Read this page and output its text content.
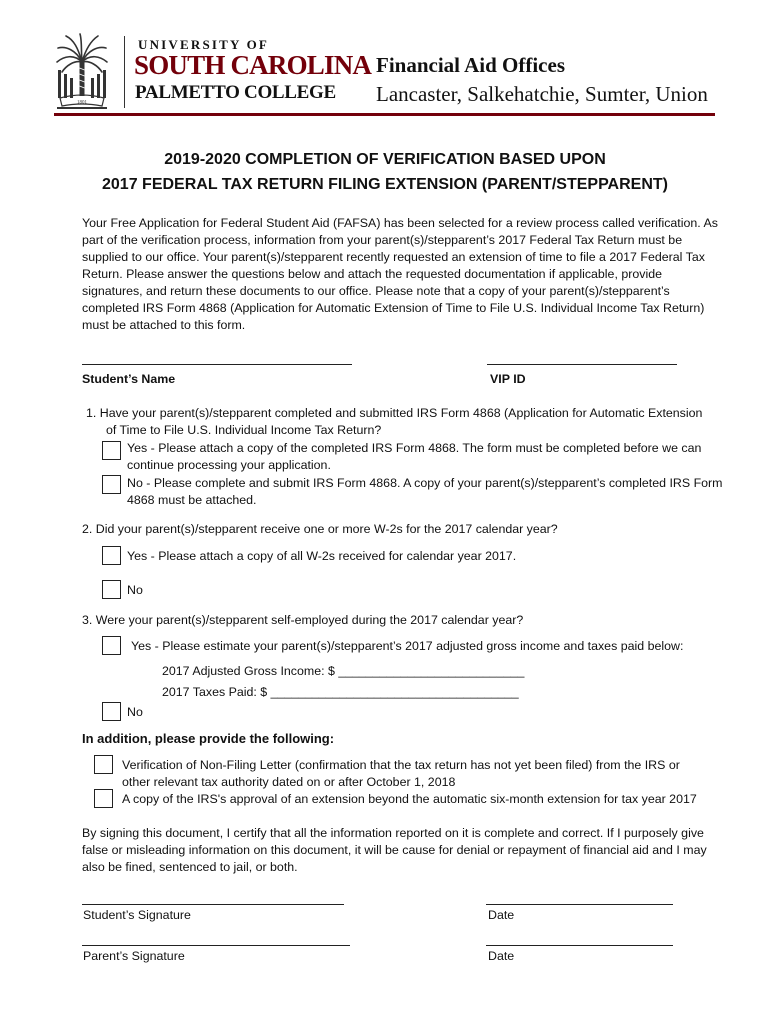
1801
UNIVERSITY OF
SOUTH CAROLINA
PALMETTO COLLEGE
Financial Aid Offices
Lancaster, Salkehatchie, Sumter, Union
2019-2020 COMPLETION OF VERIFICATION BASED UPON
2017 FEDERAL TAX RETURN FILING EXTENSION (PARENT/STEPPARENT)
Your Free Application for Federal Student Aid (FAFSA) has been selected for a review process called verification. As
part of the verification process, information from your parent(s)/stepparent’s 2017 Federal Tax Return must be
supplied to our office. Your parent(s)/stepparent recently requested an extension of time to file a 2017 Federal Tax
Return. Please answer the questions below and attach the requested documentation if applicable, provide
signatures, and return these documents to our office. Please note that a copy of your parent(s)/stepparent’s
completed IRS Form 4868 (Application for Automatic Extension of Time to File U.S. Individual Income Tax Return)
must be attached to this form.
Student’s Name	VIP ID
1. Have your parent(s)/stepparent completed and submitted IRS Form 4868 (Application for Automatic Extension
of Time to File U.S. Individual Income Tax Return?
Yes - Please attach a copy of the completed IRS Form 4868. The form must be completed before we can
continue processing your application.
No - Please complete and submit IRS Form 4868. A copy of your parent(s)/stepparent’s completed IRS Form
4868 must be attached.
2. Did your parent(s)/stepparent receive one or more W-2s for the 2017 calendar year?
Yes - Please attach a copy of all W-2s received for calendar year 2017.
No
3. Were your parent(s)/stepparent self-employed during the 2017 calendar year?
Yes - Please estimate your parent(s)/stepparent’s 2017 adjusted gross income and taxes paid below:
2017 Adjusted Gross Income: $ ___________________________
2017 Taxes Paid: $ ____________________________________
No
In addition, please provide the following:
Verification of Non-Filing Letter (confirmation that the tax return has not yet been filed) from the IRS or
other relevant tax authority dated on or after October 1, 2018
A copy of the IRS's approval of an extension beyond the automatic six-month extension for tax year 2017
By signing this document, I certify that all the information reported on it is complete and correct. If I purposely give
false or misleading information on this document, it will be cause for denial or repayment of financial aid and I may
also be fined, sentenced to jail, or both.
Student’s Signature	Date
Parent’s Signature	Date
